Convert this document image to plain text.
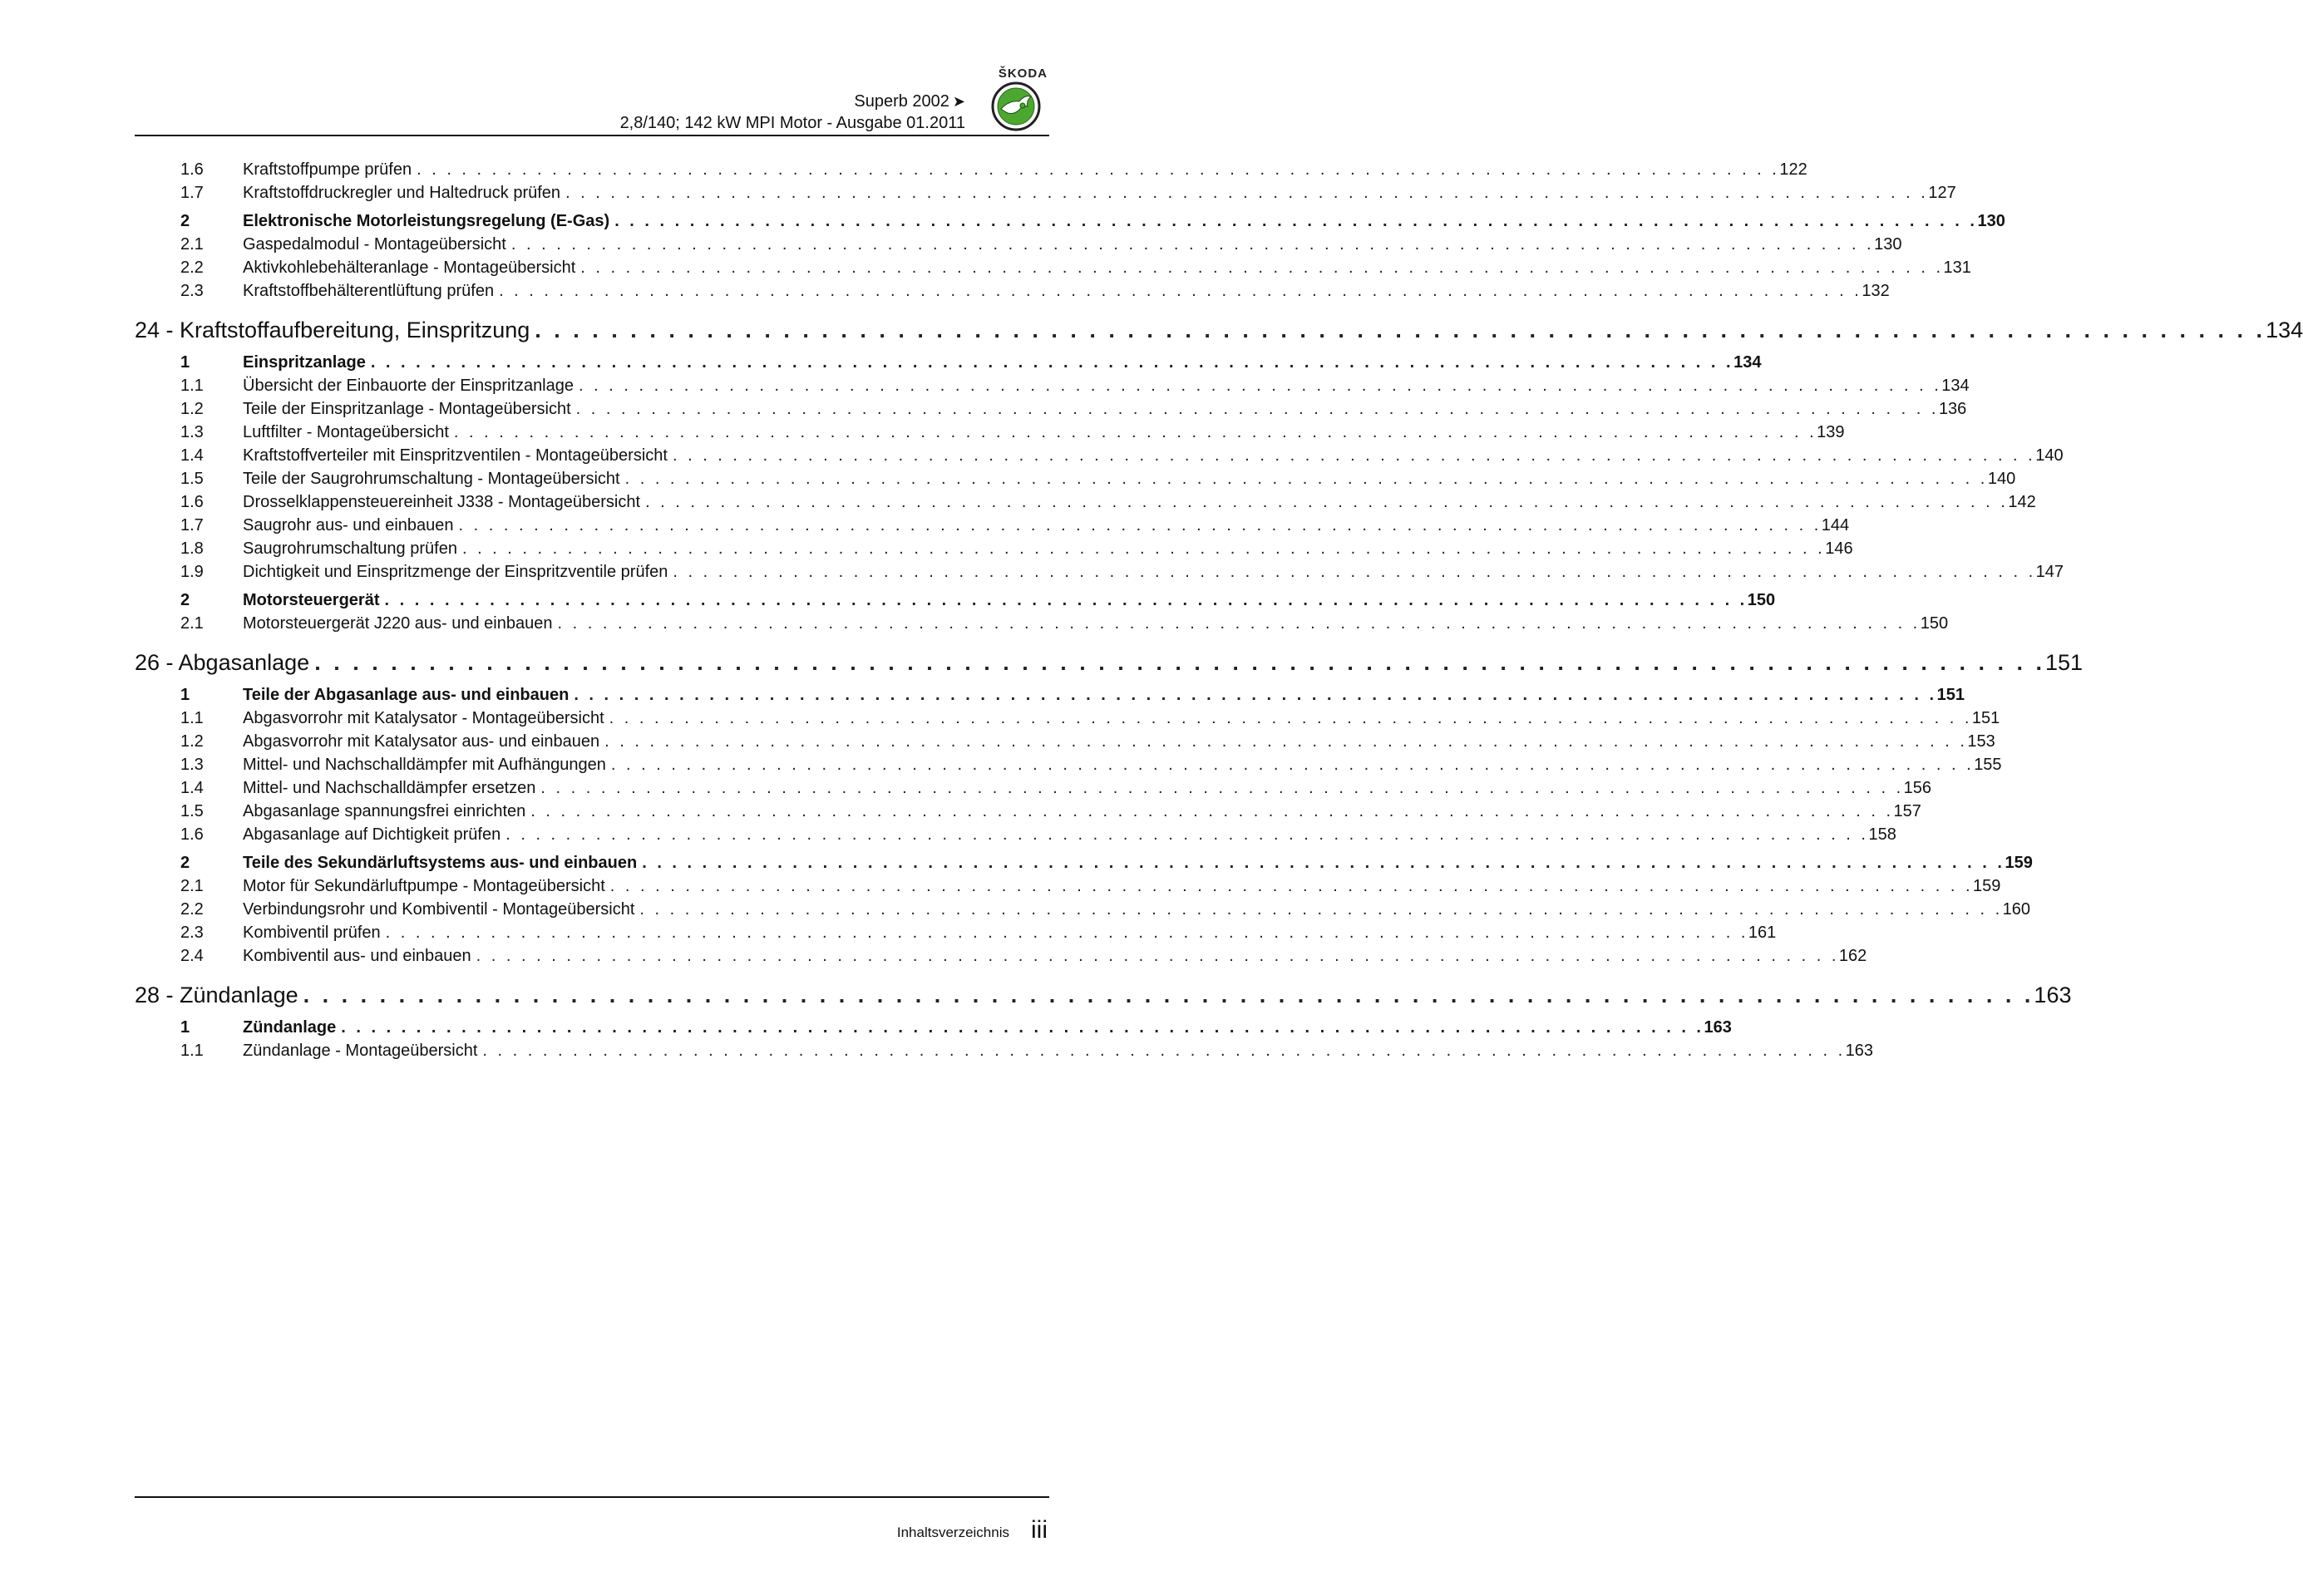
ŠKODA
Superb 2002 ➤
2,8/140; 142 kW MPI Motor - Ausgabe 01.2011
1.6 Kraftstoffpumpe prüfen . . . . . . . . . . . . . . . . . . . . . . . . . . . . . . . . . . . . . . . . . . . . . . . . . . . . . . . . . . . . . . . . . . . . . . . . . . . . . . . . . . . . . . . . . . . 122
1.7 Kraftstoffdruckregler und Haltedruck prüfen . . . . . . . . . . . . . . . . . . . . . . . . . . . . . . . . . . . . . . . . . . . . . . . . . . . . . . . . . . . . . . . . . . . . . . . . . . . . . . . . . . . . . . . . . . . 127
2	Elektronische Motorleistungsregelung (E-Gas) . . . . . . . . . . . . . . . . . . . . . . . . . . . . . . . . . . . . . . . . . . . . . . . . . . . . . . . . . . . . . . . . . . . . . . . . . . . . . . . . . . . . . . . . . . . 130
2.1 Gaspedalmodul - Montageübersicht . . . . . . . . . . . . . . . . . . . . . . . . . . . . . . . . . . . . . . . . . . . . . . . . . . . . . . . . . . . . . . . . . . . . . . . . . . . . . . . . . . . . . . . . . . . 130
2.2 Aktivkohlebehälteranlage - Montageübersicht . . . . . . . . . . . . . . . . . . . . . . . . . . . . . . . . . . . . . . . . . . . . . . . . . . . . . . . . . . . . . . . . . . . . . . . . . . . . . . . . . . . . . . . . . . . 131
2.3 Kraftstoffbehälterentlüftung prüfen . . . . . . . . . . . . . . . . . . . . . . . . . . . . . . . . . . . . . . . . . . . . . . . . . . . . . . . . . . . . . . . . . . . . . . . . . . . . . . . . . . . . . . . . . . . 132
24 - Kraftstoffaufbereitung, Einspritzung . . . . . . . . . . . . . . . . . . . . . . . . . . . . . . . . . . . . . . . . . . . . . . . . . . . . . . . . . . . . . . . . . . . . . . . . . . . . . . . . . . . . . . . . . . . 134
1	Einspritzanlage . . . . . . . . . . . . . . . . . . . . . . . . . . . . . . . . . . . . . . . . . . . . . . . . . . . . . . . . . . . . . . . . . . . . . . . . . . . . . . . . . . . . . . . . . . . 134
1.1 Übersicht der Einbauorte der Einspritzanlage . . . . . . . . . . . . . . . . . . . . . . . . . . . . . . . . . . . . . . . . . . . . . . . . . . . . . . . . . . . . . . . . . . . . . . . . . . . . . . . . . . . . . . . . . . . 134
1.2 Teile der Einspritzanlage - Montageübersicht . . . . . . . . . . . . . . . . . . . . . . . . . . . . . . . . . . . . . . . . . . . . . . . . . . . . . . . . . . . . . . . . . . . . . . . . . . . . . . . . . . . . . . . . . . . 136
1.3 Luftfilter - Montageübersicht . . . . . . . . . . . . . . . . . . . . . . . . . . . . . . . . . . . . . . . . . . . . . . . . . . . . . . . . . . . . . . . . . . . . . . . . . . . . . . . . . . . . . . . . . . . 139
1.4 Kraftstoffverteiler mit Einspritzventilen - Montageübersicht . . . . . . . . . . . . . . . . . . . . . . . . . . . . . . . . . . . . . . . . . . . . . . . . . . . . . . . . . . . . . . . . . . . . . . . . . . . . . . . . . . . . . . . . . . . 140
1.5 Teile der Saugrohrumschaltung - Montageübersicht . . . . . . . . . . . . . . . . . . . . . . . . . . . . . . . . . . . . . . . . . . . . . . . . . . . . . . . . . . . . . . . . . . . . . . . . . . . . . . . . . . . . . . . . . . . 140
1.6 Drosselklappensteuereinheit J338 - Montageübersicht . . . . . . . . . . . . . . . . . . . . . . . . . . . . . . . . . . . . . . . . . . . . . . . . . . . . . . . . . . . . . . . . . . . . . . . . . . . . . . . . . . . . . . . . . . . 142
1.7 Saugrohr aus- und einbauen . . . . . . . . . . . . . . . . . . . . . . . . . . . . . . . . . . . . . . . . . . . . . . . . . . . . . . . . . . . . . . . . . . . . . . . . . . . . . . . . . . . . . . . . . . . 144
1.8 Saugrohrumschaltung prüfen . . . . . . . . . . . . . . . . . . . . . . . . . . . . . . . . . . . . . . . . . . . . . . . . . . . . . . . . . . . . . . . . . . . . . . . . . . . . . . . . . . . . . . . . . . . 146
1.9 Dichtigkeit und Einspritzmenge der Einspritzventile prüfen . . . . . . . . . . . . . . . . . . . . . . . . . . . . . . . . . . . . . . . . . . . . . . . . . . . . . . . . . . . . . . . . . . . . . . . . . . . . . . . . . . . . . . . . . . . 147
2	Motorsteuergerät . . . . . . . . . . . . . . . . . . . . . . . . . . . . . . . . . . . . . . . . . . . . . . . . . . . . . . . . . . . . . . . . . . . . . . . . . . . . . . . . . . . . . . . . . . . 150
2.1 Motorsteuergerät J220 aus- und einbauen . . . . . . . . . . . . . . . . . . . . . . . . . . . . . . . . . . . . . . . . . . . . . . . . . . . . . . . . . . . . . . . . . . . . . . . . . . . . . . . . . . . . . . . . . . . 150
26 - Abgasanlage . . . . . . . . . . . . . . . . . . . . . . . . . . . . . . . . . . . . . . . . . . . . . . . . . . . . . . . . . . . . . . . . . . . . . . . . . . . . . . . . . . . . . . . . . . . 151
1	Teile der Abgasanlage aus- und einbauen . . . . . . . . . . . . . . . . . . . . . . . . . . . . . . . . . . . . . . . . . . . . . . . . . . . . . . . . . . . . . . . . . . . . . . . . . . . . . . . . . . . . . . . . . . . 151
1.1 Abgasvorrohr mit Katalysator - Montageübersicht . . . . . . . . . . . . . . . . . . . . . . . . . . . . . . . . . . . . . . . . . . . . . . . . . . . . . . . . . . . . . . . . . . . . . . . . . . . . . . . . . . . . . . . . . . . 151
1.2 Abgasvorrohr mit Katalysator aus- und einbauen . . . . . . . . . . . . . . . . . . . . . . . . . . . . . . . . . . . . . . . . . . . . . . . . . . . . . . . . . . . . . . . . . . . . . . . . . . . . . . . . . . . . . . . . . . . 153
1.3 Mittel- und Nachschalldämpfer mit Aufhängungen . . . . . . . . . . . . . . . . . . . . . . . . . . . . . . . . . . . . . . . . . . . . . . . . . . . . . . . . . . . . . . . . . . . . . . . . . . . . . . . . . . . . . . . . . . . 155
1.4 Mittel- und Nachschalldämpfer ersetzen . . . . . . . . . . . . . . . . . . . . . . . . . . . . . . . . . . . . . . . . . . . . . . . . . . . . . . . . . . . . . . . . . . . . . . . . . . . . . . . . . . . . . . . . . . . 156
1.5 Abgasanlage spannungsfrei einrichten . . . . . . . . . . . . . . . . . . . . . . . . . . . . . . . . . . . . . . . . . . . . . . . . . . . . . . . . . . . . . . . . . . . . . . . . . . . . . . . . . . . . . . . . . . . 157
1.6 Abgasanlage auf Dichtigkeit prüfen . . . . . . . . . . . . . . . . . . . . . . . . . . . . . . . . . . . . . . . . . . . . . . . . . . . . . . . . . . . . . . . . . . . . . . . . . . . . . . . . . . . . . . . . . . . 158
2	Teile des Sekundärluftsystems aus- und einbauen . . . . . . . . . . . . . . . . . . . . . . . . . . . . . . . . . . . . . . . . . . . . . . . . . . . . . . . . . . . . . . . . . . . . . . . . . . . . . . . . . . . . . . . . . . . 159
2.1 Motor für Sekundärluftpumpe - Montageübersicht . . . . . . . . . . . . . . . . . . . . . . . . . . . . . . . . . . . . . . . . . . . . . . . . . . . . . . . . . . . . . . . . . . . . . . . . . . . . . . . . . . . . . . . . . . . 159
2.2 Verbindungsrohr und Kombiventil - Montageübersicht . . . . . . . . . . . . . . . . . . . . . . . . . . . . . . . . . . . . . . . . . . . . . . . . . . . . . . . . . . . . . . . . . . . . . . . . . . . . . . . . . . . . . . . . . . . 160
2.3 Kombiventil prüfen . . . . . . . . . . . . . . . . . . . . . . . . . . . . . . . . . . . . . . . . . . . . . . . . . . . . . . . . . . . . . . . . . . . . . . . . . . . . . . . . . . . . . . . . . . . 161
2.4 Kombiventil aus- und einbauen . . . . . . . . . . . . . . . . . . . . . . . . . . . . . . . . . . . . . . . . . . . . . . . . . . . . . . . . . . . . . . . . . . . . . . . . . . . . . . . . . . . . . . . . . . . 162
28 - Zündanlage . . . . . . . . . . . . . . . . . . . . . . . . . . . . . . . . . . . . . . . . . . . . . . . . . . . . . . . . . . . . . . . . . . . . . . . . . . . . . . . . . . . . . . . . . . . 163
1	Zündanlage . . . . . . . . . . . . . . . . . . . . . . . . . . . . . . . . . . . . . . . . . . . . . . . . . . . . . . . . . . . . . . . . . . . . . . . . . . . . . . . . . . . . . . . . . . . 163
1.1 Zündanlage - Montageübersicht . . . . . . . . . . . . . . . . . . . . . . . . . . . . . . . . . . . . . . . . . . . . . . . . . . . . . . . . . . . . . . . . . . . . . . . . . . . . . . . . . . . . . . . . . . . 163
Inhaltsverzeichnis iii
